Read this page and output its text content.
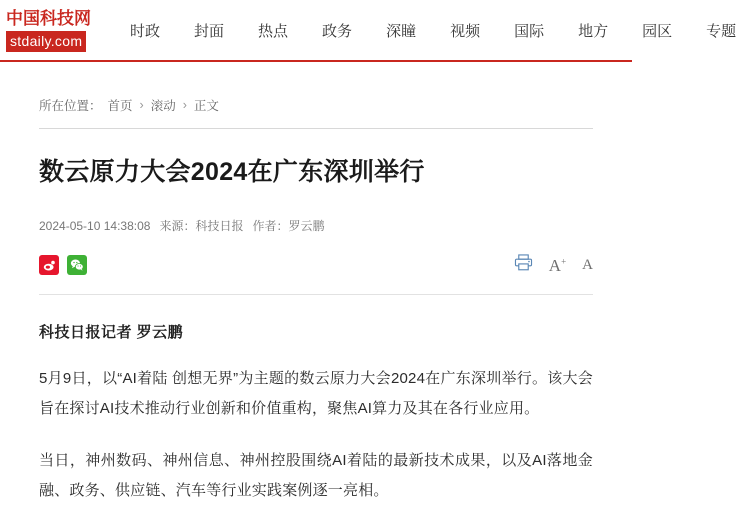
中国科技网
stdaily.com
时政	封面	热点	政务	深瞳	视频	国际	地方	园区	专题
所在位置： 首页 › 滚动 › 正文
数云原力大会2024在广东深圳举行
2024-05-10 14:38:08 来源：科技日报 作者：罗云鹏
A+ A
科技日报记者 罗云鹏

5月9日，以“AI着陆 创想无界”为主题的数云原力大会2024在广东深圳举行。该大会旨在探讨AI技术推动行业创新和价值重构，聚焦AI算力及其在各行业应用。

当日，神州数码、神州信息、神州控股围绕AI着陆的最新技术成果，以及AI落地金融、政务、供应链、汽车等行业实践案例逐一亮相。
